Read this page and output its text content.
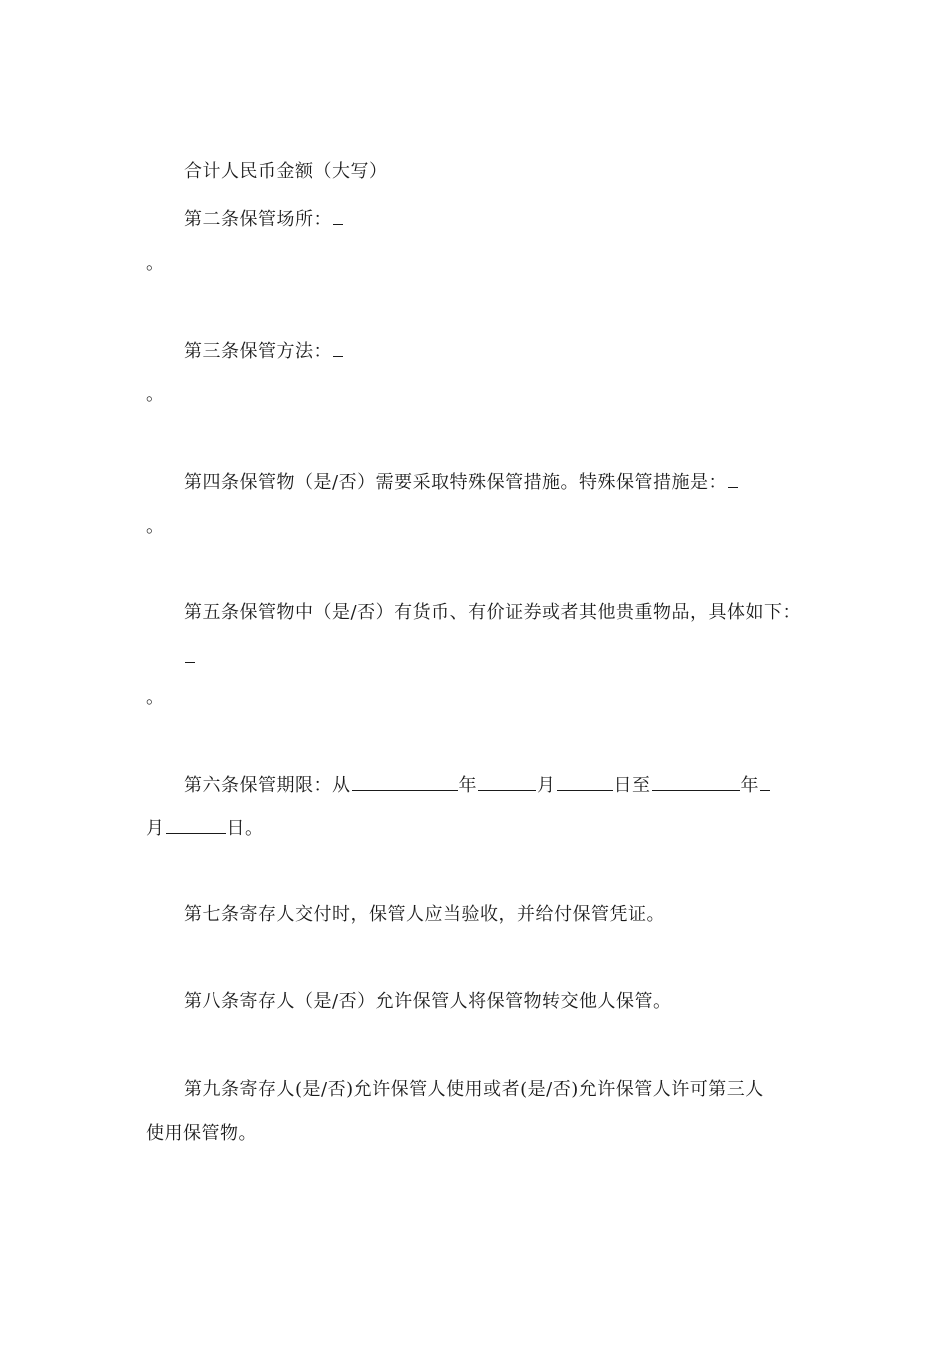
合计人民币金额（大写）
第二条保管场所：
。
第三条保管方法：
。
第四条保管物（是/否）需要采取特殊保管措施。特殊保管措施是：
。
第五条保管物中（是/否）有货币、有价证券或者其他贵重物品，具体如下：
。
第六条保管期限：从	年	月	日至	年
月	日。
第七条寄存人交付时，保管人应当验收，并给付保管凭证。
第八条寄存人（是/否）允许保管人将保管物转交他人保管。
第九条寄存人(是/否)允许保管人使用或者(是/否)允许保管人许可第三人
使用保管物。
